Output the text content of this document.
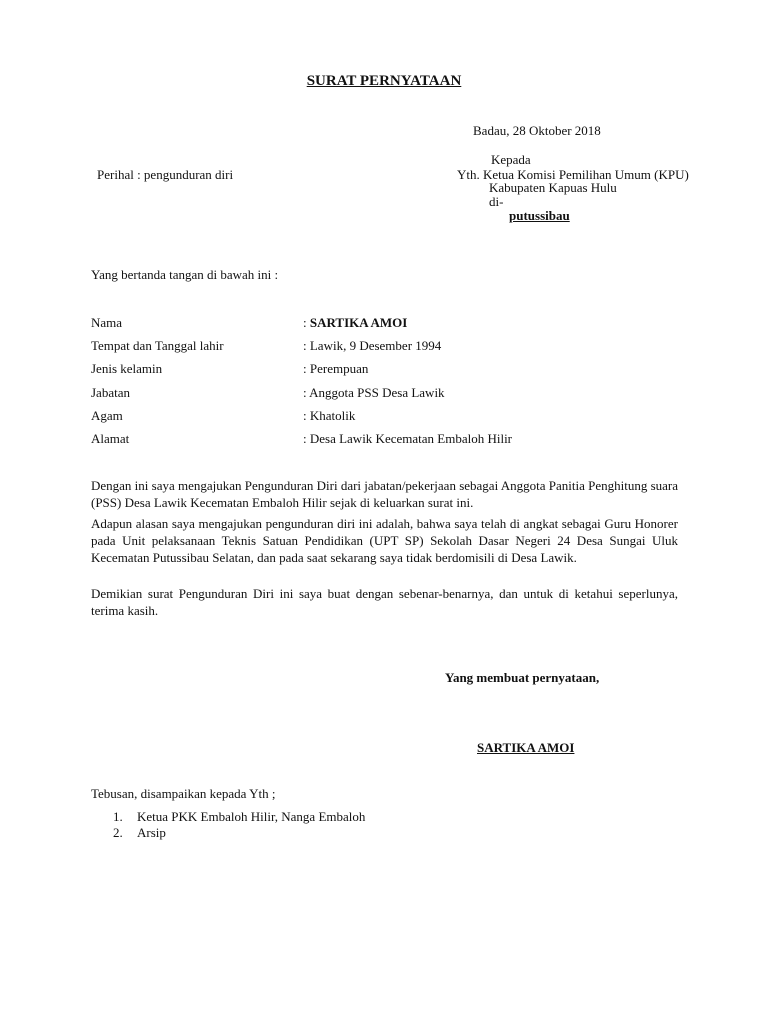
SURAT PERNYATAAN
Badau, 28 Oktober 2018
Kepada
Perihal : pengunduran diri	Yth. Ketua Komisi Pemilihan Umum (KPU)
Kabupaten Kapuas Hulu
di-
putussibau
Yang bertanda tangan di bawah ini :
Nama	: SARTIKA AMOI
Tempat dan Tanggal lahir	: Lawik, 9 Desember 1994
Jenis kelamin	: Perempuan
Jabatan	: Anggota PSS Desa Lawik
Agam	: Khatolik
Alamat	: Desa Lawik Kecematan Embaloh Hilir
Dengan ini saya mengajukan Pengunduran Diri dari jabatan/pekerjaan sebagai Anggota Panitia Penghitung suara (PSS) Desa Lawik Kecematan Embaloh Hilir sejak di keluarkan surat ini.
Adapun alasan saya mengajukan pengunduran diri ini adalah, bahwa saya telah di angkat sebagai Guru Honorer pada Unit pelaksanaan Teknis Satuan Pendidikan (UPT SP) Sekolah Dasar Negeri 24 Desa Sungai Uluk Kecematan Putussibau Selatan, dan pada saat sekarang saya tidak berdomisili di Desa Lawik.
Demikian surat Pengunduran Diri ini saya buat dengan sebenar-benarnya, dan untuk di ketahui seperlunya, terima kasih.
Yang membuat pernyataan,
SARTIKA AMOI
Tebusan, disampaikan kepada Yth ;
1. Ketua PKK Embaloh Hilir, Nanga Embaloh
2. Arsip
